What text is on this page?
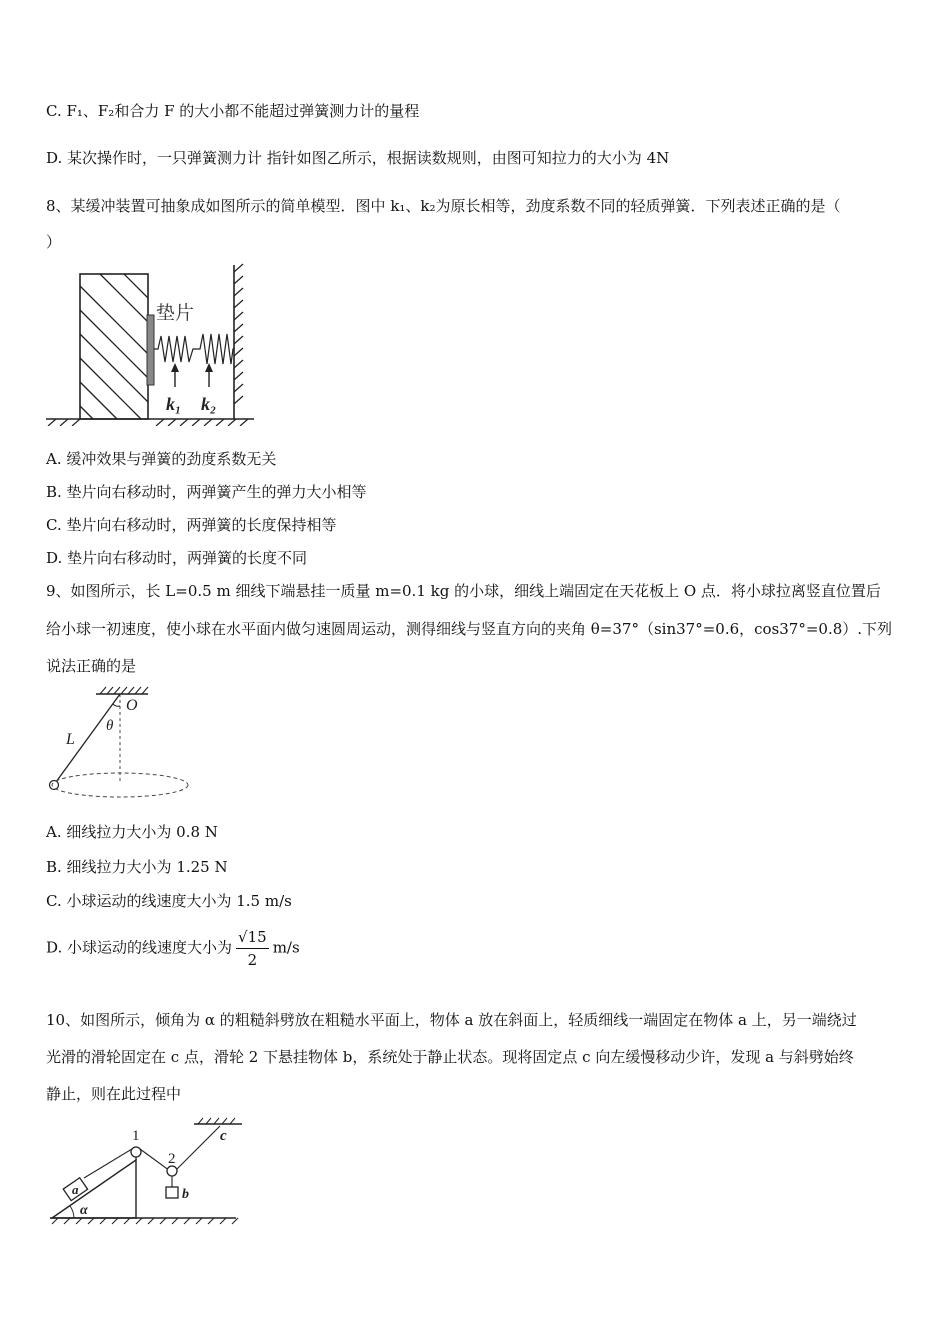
C. F₁、F₂和合力 F 的大小都不能超过弹簧测力计的量程
D. 某次操作时，一只弹簧测力计 指针如图乙所示，根据读数规则，由图可知拉力的大小为 4N
8、某缓冲装置可抽象成如图所示的简单模型．图中 k₁、k₂为原长相等，劲度系数不同的轻质弹簧．下列表述正确的是（
）
垫片
k₁ k₂
A. 缓冲效果与弹簧的劲度系数无关
B. 垫片向右移动时，两弹簧产生的弹力大小相等
C. 垫片向右移动时，两弹簧的长度保持相等
D. 垫片向右移动时，两弹簧的长度不同
9、如图所示，长 L=0.5 m 细线下端悬挂一质量 m=0.1 kg 的小球，细线上端固定在天花板上 O 点．将小球拉离竖直位置后
给小球一初速度，使小球在水平面内做匀速圆周运动，测得细线与竖直方向的夹角 θ=37°（sin37°=0.6，cos37°=0.8）.下列
说法正确的是
O
θ
L
A. 细线拉力大小为 0.8 N
B. 细线拉力大小为 1.25 N
C. 小球运动的线速度大小为 1.5 m/s
D. 小球运动的线速度大小为 $\frac{√15}{2} m/s$
10、如图所示，倾角为 α 的粗糙斜劈放在粗糙水平面上，物体 a 放在斜面上，轻质细线一端固定在物体 a 上，另一端绕过
光滑的滑轮固定在 c 点，滑轮 2 下悬挂物体 b，系统处于静止状态。现将固定点 c 向左缓慢移动少许，发现 a 与斜劈始终
静止，则在此过程中
α
a
1
2
b
c
